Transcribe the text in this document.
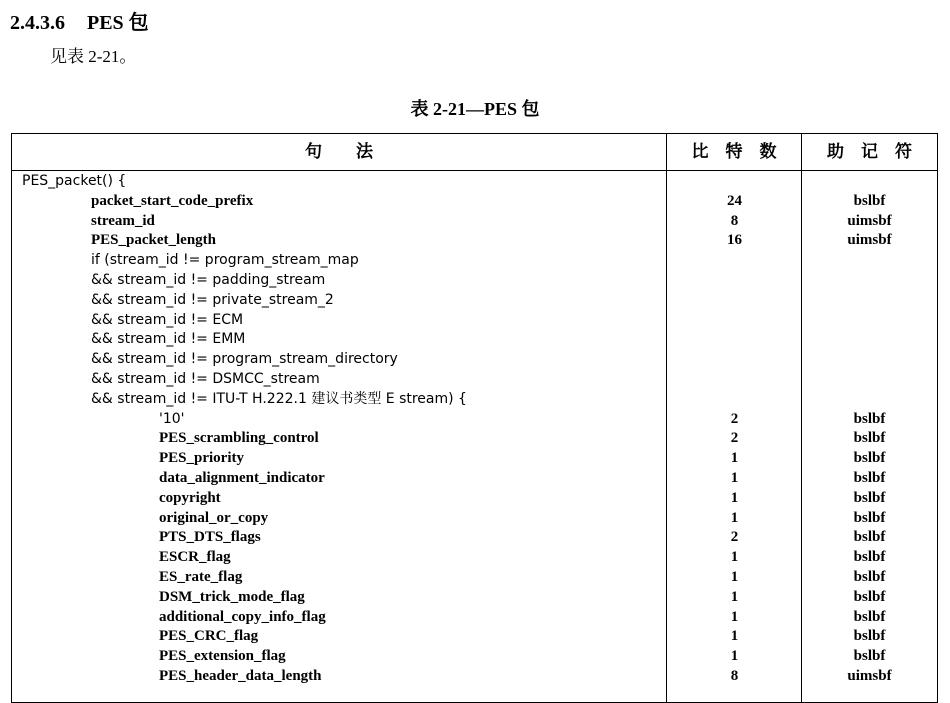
2.4.3.6 PES 包
见表 2-21。
表 2-21—PES 包
句　　法	比　特　数	助　记　符
PES_packet() {
packet_start_code_prefix	24	bslbf
stream_id	8	uimsbf
PES_packet_length	16	uimsbf
if (stream_id != program_stream_map
&& stream_id != padding_stream
&& stream_id != private_stream_2
&& stream_id != ECM
&& stream_id != EMM
&& stream_id != program_stream_directory
&& stream_id != DSMCC_stream
&& stream_id != ITU-T H.222.1 建议书类型 E stream) {
'10'	2	bslbf
PES_scrambling_control	2	bslbf
PES_priority	1	bslbf
data_alignment_indicator	1	bslbf
copyright	1	bslbf
original_or_copy	1	bslbf
PTS_DTS_flags	2	bslbf
ESCR_flag	1	bslbf
ES_rate_flag	1	bslbf
DSM_trick_mode_flag	1	bslbf
additional_copy_info_flag	1	bslbf
PES_CRC_flag	1	bslbf
PES_extension_flag	1	bslbf
PES_header_data_length	8	uimsbf
